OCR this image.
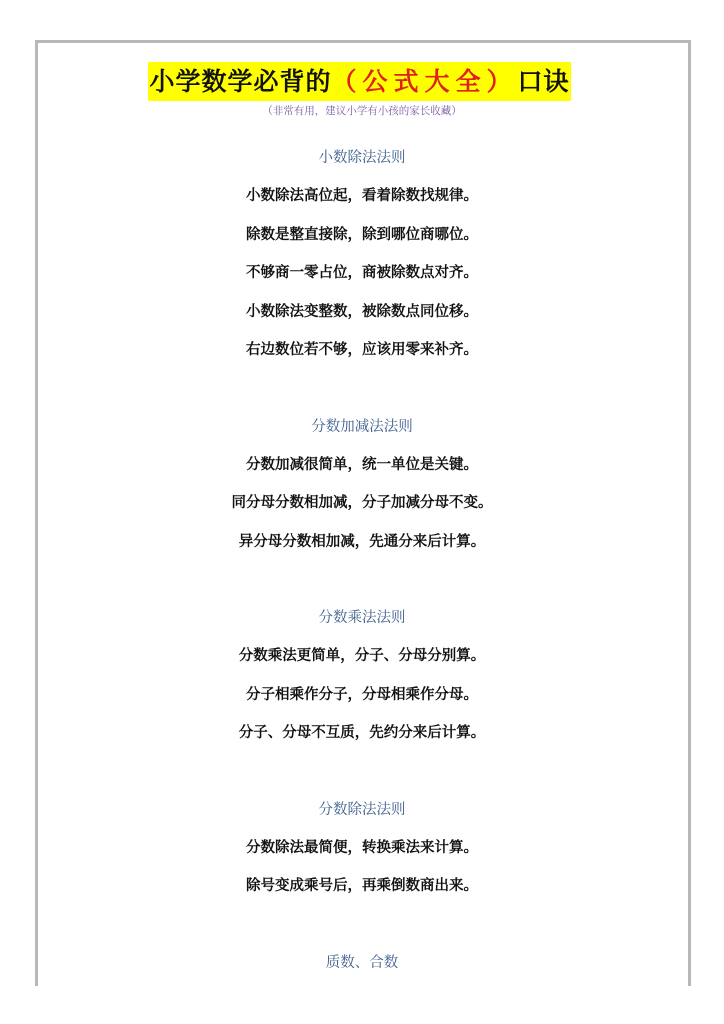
小学数学必背的（公式大全）口诀
（非常有用，建议小学有小孩的家长收藏）
小数除法法则
小数除法高位起，看着除数找规律。
除数是整直接除，除到哪位商哪位。
不够商一零占位，商被除数点对齐。
小数除法变整数，被除数点同位移。
右边数位若不够，应该用零来补齐。
分数加减法法则
分数加减很简单，统一单位是关键。
同分母分数相加减，分子加减分母不变。
异分母分数相加减，先通分来后计算。
分数乘法法则
分数乘法更简单，分子、分母分别算。
分子相乘作分子，分母相乘作分母。
分子、分母不互质，先约分来后计算。
分数除法法则
分数除法最简便，转换乘法来计算。
除号变成乘号后，再乘倒数商出来。
质数、合数
